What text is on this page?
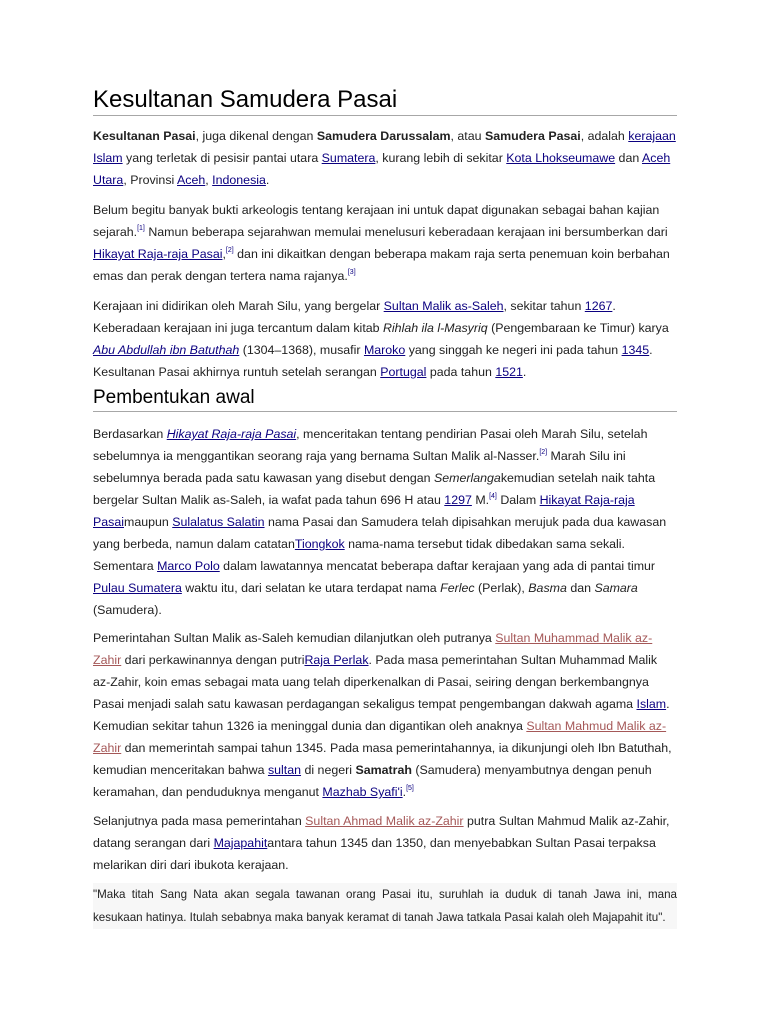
Kesultanan Samudera Pasai

Kesultanan Pasai, juga dikenal dengan Samudera Darussalam, atau Samudera Pasai, adalah kerajaan Islam yang terletak di pesisir pantai utara Sumatera, kurang lebih di sekitar Kota Lhokseumawe dan Aceh Utara, Provinsi Aceh, Indonesia.

Belum begitu banyak bukti arkeologis tentang kerajaan ini untuk dapat digunakan sebagai bahan kajian sejarah.[1] Namun beberapa sejarahwan memulai menelusuri keberadaan kerajaan ini bersumberkan dari Hikayat Raja-raja Pasai,[2] dan ini dikaitkan dengan beberapa makam raja serta penemuan koin berbahan emas dan perak dengan tertera nama rajanya.[3]

Kerajaan ini didirikan oleh Marah Silu, yang bergelar Sultan Malik as-Saleh, sekitar tahun 1267. Keberadaan kerajaan ini juga tercantum dalam kitab Rihlah ila l-Masyriq (Pengembaraan ke Timur) karya Abu Abdullah ibn Batuthah (1304–1368), musafir Maroko yang singgah ke negeri ini pada tahun 1345. Kesultanan Pasai akhirnya runtuh setelah serangan Portugal pada tahun 1521.

Pembentukan awal

Berdasarkan Hikayat Raja-raja Pasai, menceritakan tentang pendirian Pasai oleh Marah Silu, setelah sebelumnya ia menggantikan seorang raja yang bernama Sultan Malik al-Nasser.[2] Marah Silu ini sebelumnya berada pada satu kawasan yang disebut dengan Semerlangakemudian setelah naik tahta bergelar Sultan Malik as-Saleh, ia wafat pada tahun 696 H atau 1297 M.[4] Dalam Hikayat Raja-raja Pasaimaupun Sulalatus Salatin nama Pasai dan Samudera telah dipisahkan merujuk pada dua kawasan yang berbeda, namun dalam catatanTiongkok nama-nama tersebut tidak dibedakan sama sekali. Sementara Marco Polo dalam lawatannya mencatat beberapa daftar kerajaan yang ada di pantai timur Pulau Sumatera waktu itu, dari selatan ke utara terdapat nama Ferlec (Perlak), Basma dan Samara (Samudera).

Pemerintahan Sultan Malik as-Saleh kemudian dilanjutkan oleh putranya Sultan Muhammad Malik az-Zahir dari perkawinannya dengan putriRaja Perlak. Pada masa pemerintahan Sultan Muhammad Malik az-Zahir, koin emas sebagai mata uang telah diperkenalkan di Pasai, seiring dengan berkembangnya Pasai menjadi salah satu kawasan perdagangan sekaligus tempat pengembangan dakwah agama Islam. Kemudian sekitar tahun 1326 ia meninggal dunia dan digantikan oleh anaknya Sultan Mahmud Malik az-Zahir dan memerintah sampai tahun 1345. Pada masa pemerintahannya, ia dikunjungi oleh Ibn Batuthah, kemudian menceritakan bahwa sultan di negeri Samatrah (Samudera) menyambutnya dengan penuh keramahan, dan penduduknya menganut Mazhab Syafi'i.[5]

Selanjutnya pada masa pemerintahan Sultan Ahmad Malik az-Zahir putra Sultan Mahmud Malik az-Zahir, datang serangan dari Majapahitantara tahun 1345 dan 1350, dan menyebabkan Sultan Pasai terpaksa melarikan diri dari ibukota kerajaan.

"Maka titah Sang Nata akan segala tawanan orang Pasai itu, suruhlah ia duduk di tanah Jawa ini, mana kesukaan hatinya. Itulah sebabnya maka banyak keramat di tanah Jawa tatkala Pasai kalah oleh Majapahit itu".
